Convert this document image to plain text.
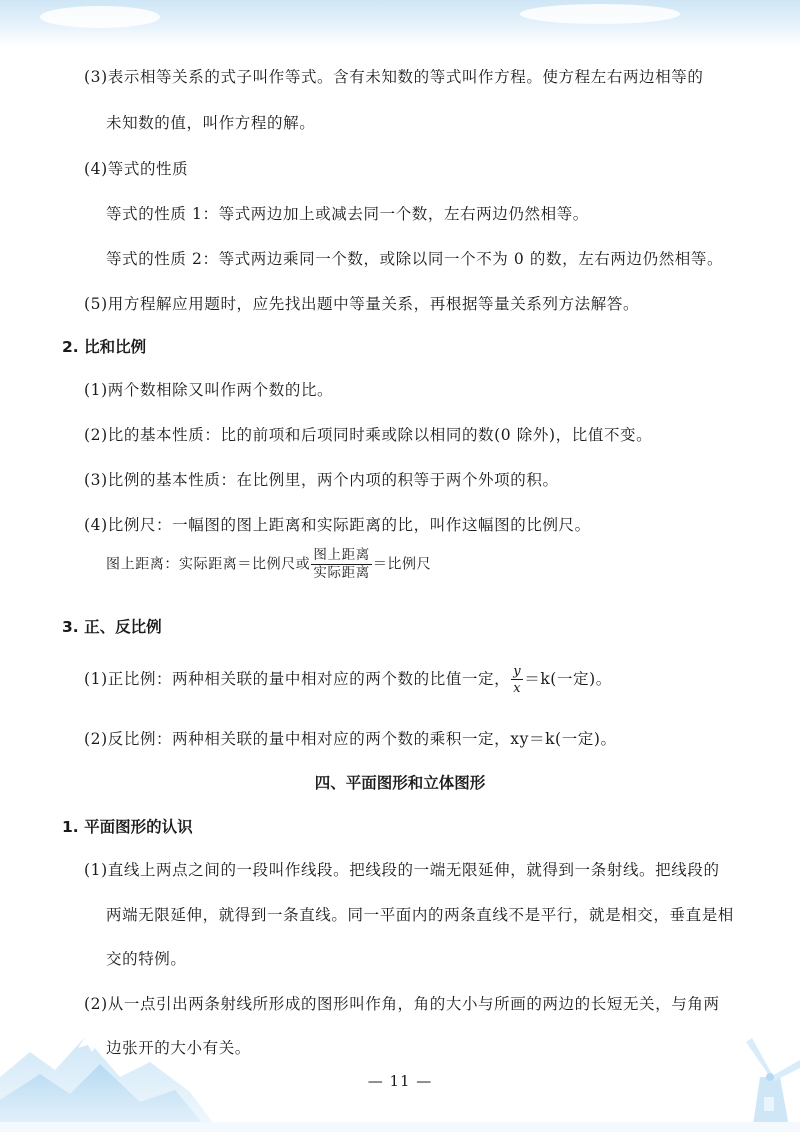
(3)表示相等关系的式子叫作等式。含有未知数的等式叫作方程。使方程左右两边相等的
未知数的值，叫作方程的解。
(4)等式的性质
等式的性质 1：等式两边加上或减去同一个数，左右两边仍然相等。
等式的性质 2：等式两边乘同一个数，或除以同一个不为 0 的数，左右两边仍然相等。
(5)用方程解应用题时，应先找出题中等量关系，再根据等量关系列方法解答。
2. 比和比例
(1)两个数相除又叫作两个数的比。
(2)比的基本性质：比的前项和后项同时乘或除以相同的数(0 除外)，比值不变。
(3)比例的基本性质：在比例里，两个内项的积等于两个外项的积。
(4)比例尺：一幅图的图上距离和实际距离的比，叫作这幅图的比例尺。
图上距离：实际距离＝比例尺或 $\frac{\text{图上距离}}{\text{实际距离}}$ ＝比例尺
3. 正、反比例
(1)正比例：两种相关联的量中相对应的两个数的比值一定， $\frac{y}{x} =k$(一定)。
(2)反比例：两种相关联的量中相对应的两个数的乘积一定，xy＝k(一定)。
四、平面图形和立体图形
1. 平面图形的认识
(1)直线上两点之间的一段叫作线段。把线段的一端无限延伸，就得到一条射线。把线段的
两端无限延伸，就得到一条直线。同一平面内的两条直线不是平行，就是相交，垂直是相
交的特例。
(2)从一点引出两条射线所形成的图形叫作角，角的大小与所画的两边的长短无关，与角两
边张开的大小有关。
— 11 —
